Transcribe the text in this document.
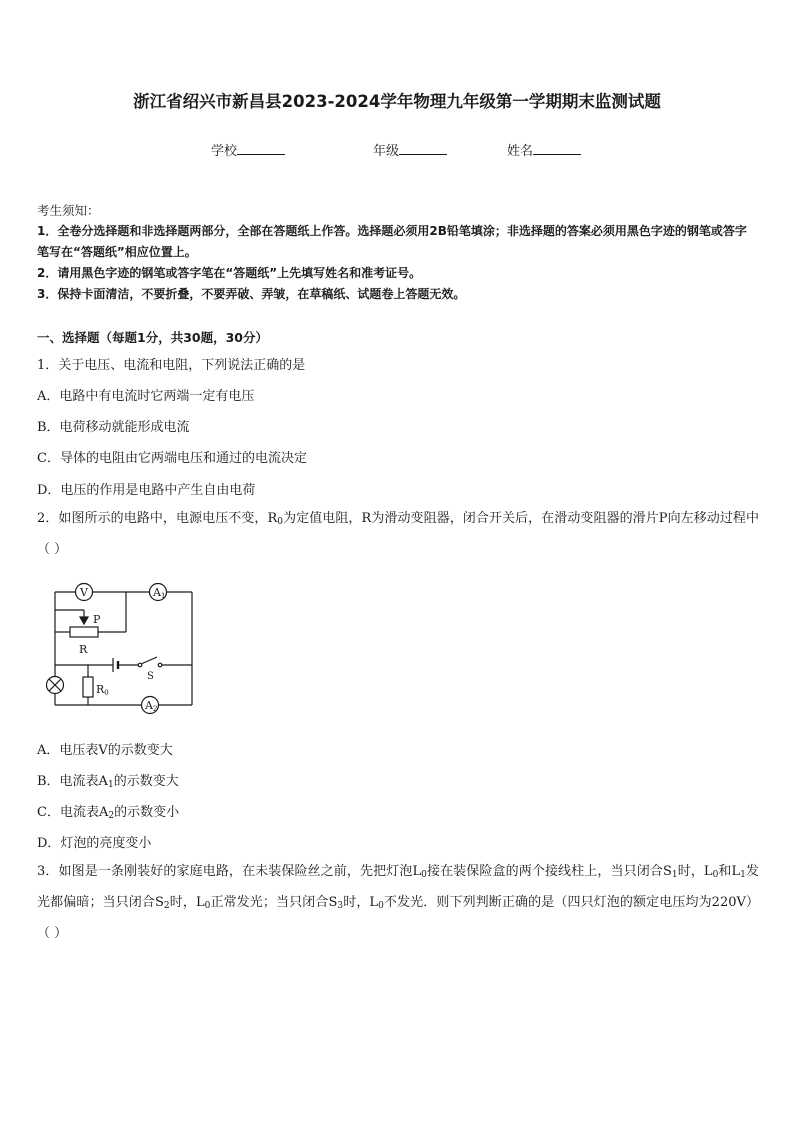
浙江省绍兴市新昌县2023-2024学年物理九年级第一学期期末监测试题
学校	年级	姓名

考生须知：

1．全卷分选择题和非选择题两部分，全部在答题纸上作答。选择题必须用2B铅笔填涂；非选择题的答案必须用黑色字迹的钢笔或答字笔写在“答题纸”相应位置上。

2．请用黑色字迹的钢笔或答字笔在“答题纸”上先填写姓名和准考证号。

3．保持卡面清洁，不要折叠，不要弄破、弄皱，在草稿纸、试题卷上答题无效。

一、选择题（每题1分，共30题，30分）
1．关于电压、电流和电阻，下列说法正确的是
A．电路中有电流时它两端一定有电压
B．电荷移动就能形成电流
C．导体的电阻由它两端电压和通过的电流决定
D．电压的作用是电路中产生自由电荷
2．如图所示的电路中，电源电压不变，$R_0$为定值电阻，R为滑动变阻器，闭合开关后，在滑动变阻器的滑片P向左移动过程中（ ）
V	A1
A2
P
R
R0
S
A．电压表V的示数变大
B．电流表$A_1$的示数变大
C．电流表$A_2$的示数变小
D．灯泡的亮度变小
3．如图是一条刚装好的家庭电路，在未装保险丝之前，先把灯泡$L_0$接在装保险盒的两个接线柱上，当只闭合$S_1$时，$L_0$和$L_1$发光都偏暗；当只闭合$S_2$时，$L_0$正常发光；当只闭合$S_3$时，$L_0$不发光．则下列判断正确的是（四只灯泡的额定电压均为220V）（ ）
